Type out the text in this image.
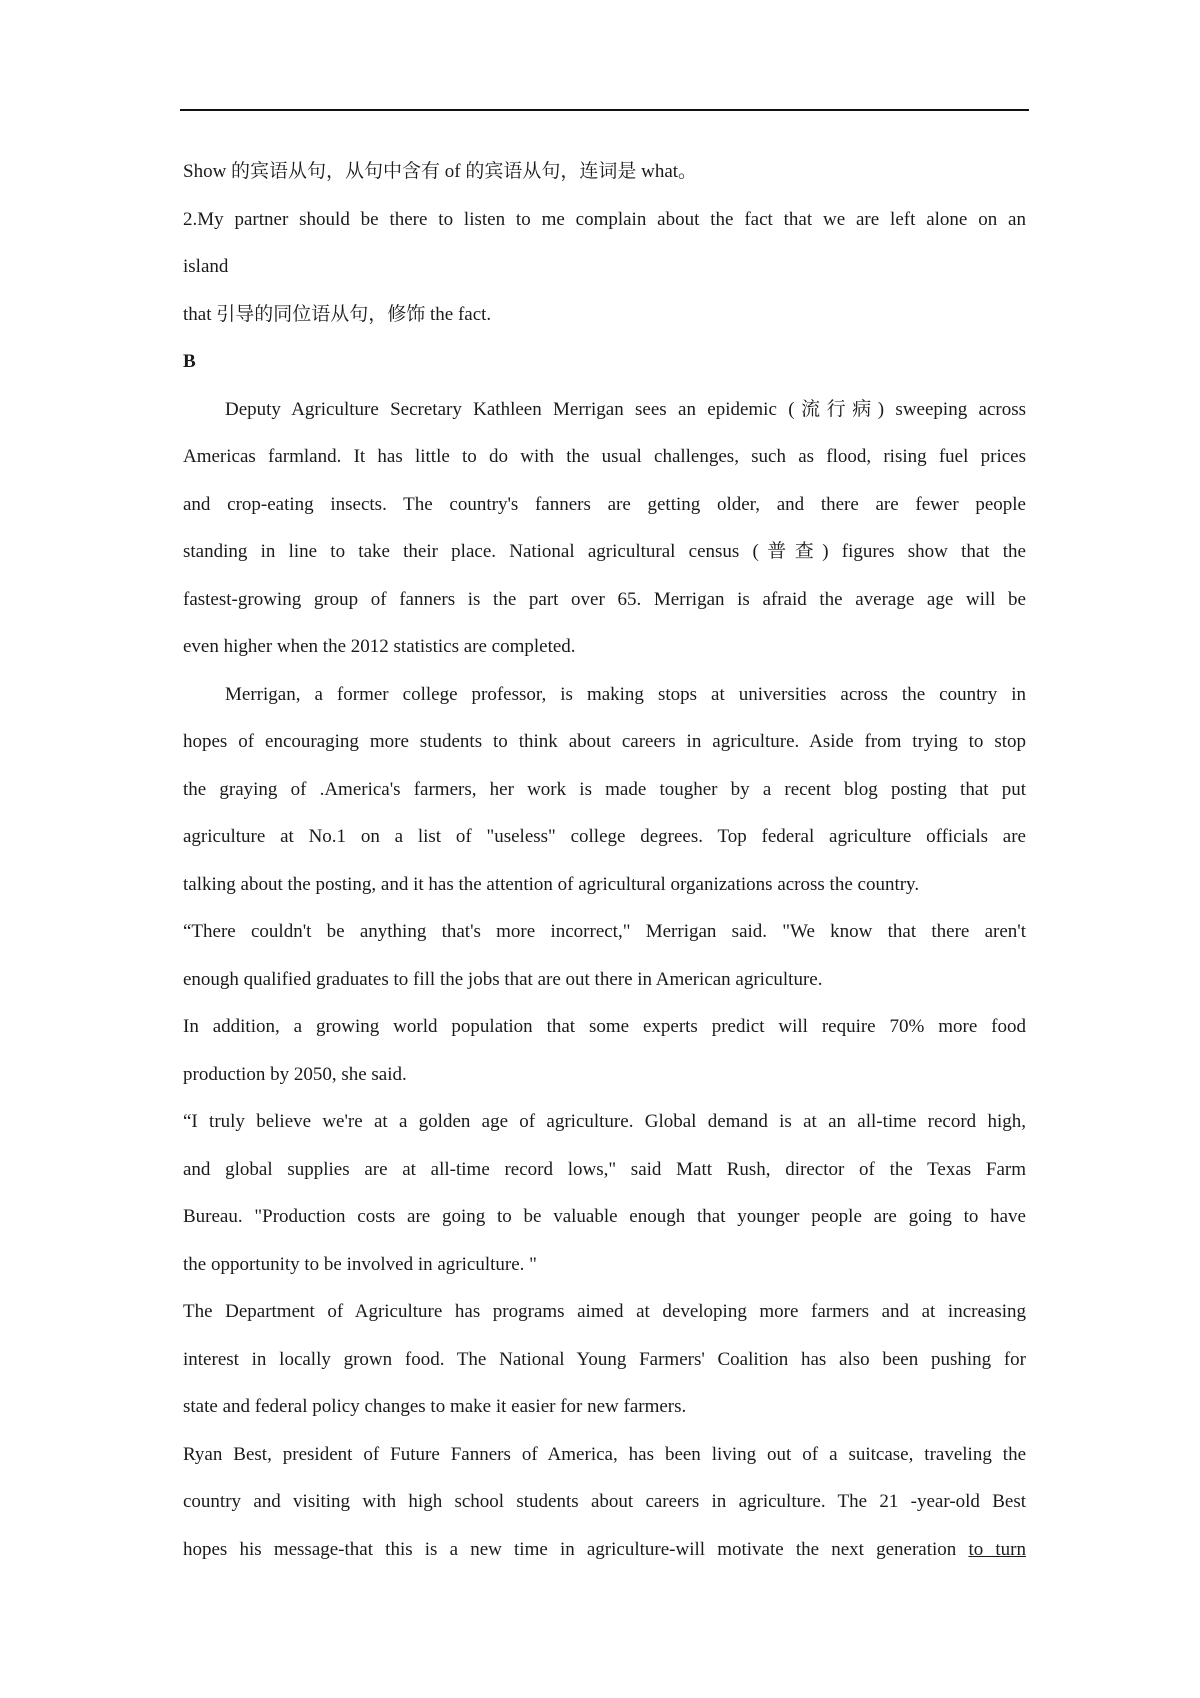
Show 的宾语从句，从句中含有 of 的宾语从句，连词是 what。

2.My partner should be there to listen to me complain about the fact that we are left alone on an

island

that 引导的同位语从句，修饰 the fact.

B

Deputy Agriculture Secretary Kathleen Merrigan sees an epidemic (流行病) sweeping across

Americas farmland. It has little to do with the usual challenges, such as flood, rising fuel prices

and crop-eating insects. The country's fanners are getting older, and there are fewer people

standing in line to take their place. National agricultural census (普查) figures show that the

fastest-growing group of fanners is the part over 65. Merrigan is afraid the average age will be

even higher when the 2012 statistics are completed.

Merrigan, a former college professor, is making stops at universities across the country in

hopes of encouraging more students to think about careers in agriculture. Aside from trying to stop

the graying of .America's farmers, her work is made tougher by a recent blog posting that put

agriculture at No.1 on a list of "useless" college degrees. Top federal agriculture officials are

talking about the posting, and it has the attention of agricultural organizations across the country.

“There couldn't be anything that's more incorrect," Merrigan said. "We know that there aren't

enough qualified graduates to fill the jobs that are out there in American agriculture.

In addition, a growing world population that some experts predict will require 70% more food

production by 2050, she said.

“I truly believe we're at a golden age of agriculture. Global demand is at an all-time record high,

and global supplies are at all-time record lows," said Matt Rush, director of the Texas Farm

Bureau. "Production costs are going to be valuable enough that younger people are going to have

the opportunity to be involved in agriculture. "

The Department of Agriculture has programs aimed at developing more farmers and at increasing

interest in locally grown food. The National Young Farmers' Coalition has also been pushing for

state and federal policy changes to make it easier for new farmers.

Ryan Best, president of Future Fanners of America, has been living out of a suitcase, traveling the

country and visiting with high school students about careers in agriculture. The 21 -year-old Best

hopes his message-that this is a new time in agriculture-will motivate the next generation to turn
